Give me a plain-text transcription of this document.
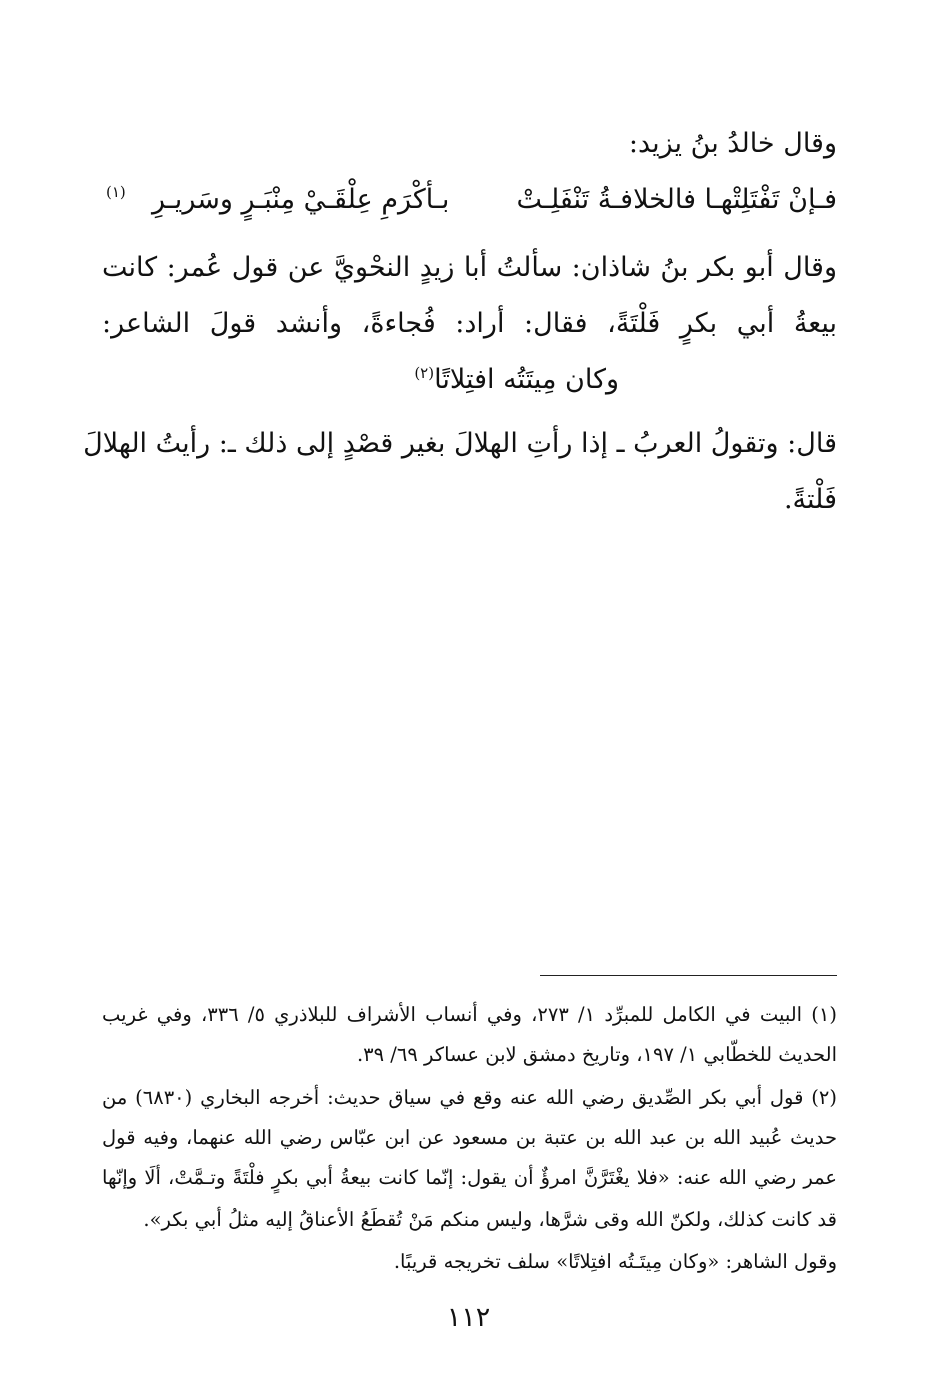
وقال خالدُ بنُ يزيد:
فـإنْ تَفْتَلِتْهـا فالخلافـةُ تَنْفَلِـتْ
بـأكْرَمِ عِلْقَـيْ مِنْبَـرٍ وسَريـرِ
(١)
وقال أبو بكر بنُ شاذان: سألتُ أبا زيدٍ النحْويَّ عن قول عُمر: كانت
بيعةُ أبي بكرٍ فَلْتَةً، فقال: أراد: فُجاءةً، وأنشد قولَ الشاعر:
وكان مِيتَتُه افتِلاتًا$^{(٢)}$
قال: وتقولُ العربُ ـ إذا رأتِ الهلالَ بغير قصْدٍ إلى ذلك ـ: رأيتُ الهلالَ
فَلْتةً.
(١) البيت في الكامل للمبرِّد ١/ ٢٧٣، وفي أنساب الأشراف للبلاذري ٥/ ٣٣٦، وفي غريب
الحديث للخطّابي ١/ ١٩٧، وتاريخ دمشق لابن عساكر ٦٩/ ٣٩.
(٢) قول أبي بكر الصِّديق رضي الله عنه وقع في سياق حديث: أخرجه البخاري (٦٨٣٠) من
حديث عُبيد الله بن عبد الله بن عتبة بن مسعود عن ابن عبّاس رضي الله عنهما، وفيه قول
عمر رضي الله عنه: «فلا يغْتَرَّنَّ امرؤٌ أن يقول: إنّما كانت بيعةُ أبي بكرٍ فلْتَةً وتـمَّتْ، ألَا وإنّها
قد كانت كذلك، ولكنّ الله وقى شرَّها، وليس منكم مَنْ تُقطَعُ الأعناقُ إليه مثلُ أبي بكر».
وقول الشاهر: «وكان مِيتَـتُه افتِلاتًا» سلف تخريجه قريبًا.
١١٢
